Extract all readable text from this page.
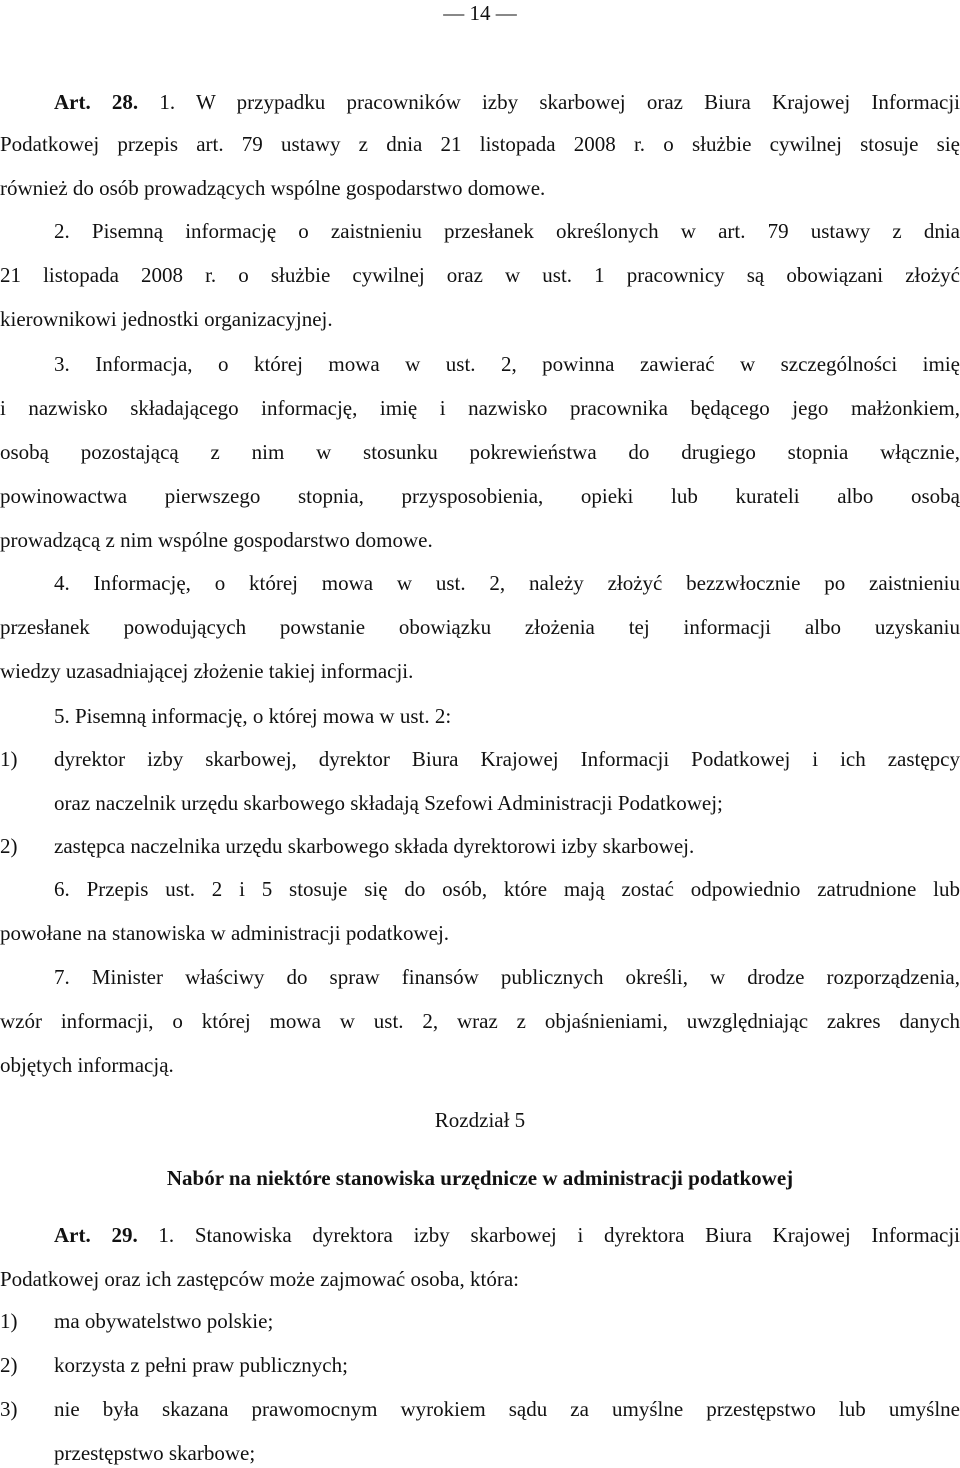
— 14 —
Art. 28. 1. W przypadku pracowników izby skarbowej oraz Biura Krajowej Informacji
Podatkowej przepis art. 79 ustawy z dnia 21 listopada 2008 r. o służbie cywilnej stosuje się
również do osób prowadzących wspólne gospodarstwo domowe.
2. Pisemną informację o zaistnieniu przesłanek określonych w art. 79 ustawy z dnia
21 listopada 2008 r. o służbie cywilnej oraz w ust. 1 pracownicy są obowiązani złożyć
kierownikowi jednostki organizacyjnej.
3. Informacja, o której mowa w ust. 2, powinna zawierać w szczególności imię
i nazwisko składającego informację, imię i nazwisko pracownika będącego jego małżonkiem,
osobą pozostającą z nim w stosunku pokrewieństwa do drugiego stopnia włącznie,
powinowactwa pierwszego stopnia, przysposobienia, opieki lub kurateli albo osobą
prowadzącą z nim wspólne gospodarstwo domowe.
4. Informację, o której mowa w ust. 2, należy złożyć bezzwłocznie po zaistnieniu
przesłanek powodujących powstanie obowiązku złożenia tej informacji albo uzyskaniu
wiedzy uzasadniającej złożenie takiej informacji.
5. Pisemną informację, o której mowa w ust. 2:
1) dyrektor izby skarbowej, dyrektor Biura Krajowej Informacji Podatkowej i ich zastępcy
oraz naczelnik urzędu skarbowego składają Szefowi Administracji Podatkowej;
2) zastępca naczelnika urzędu skarbowego składa dyrektorowi izby skarbowej.
6. Przepis ust. 2 i 5 stosuje się do osób, które mają zostać odpowiednio zatrudnione lub
powołane na stanowiska w administracji podatkowej.
7. Minister właściwy do spraw finansów publicznych określi, w drodze rozporządzenia,
wzór informacji, o której mowa w ust. 2, wraz z objaśnieniami, uwzględniając zakres danych
objętych informacją.
Rozdział 5
Nabór na niektóre stanowiska urzędnicze w administracji podatkowej
Art. 29. 1. Stanowiska dyrektora izby skarbowej i dyrektora Biura Krajowej Informacji
Podatkowej oraz ich zastępców może zajmować osoba, która:
1) ma obywatelstwo polskie;
2) korzysta z pełni praw publicznych;
3) nie była skazana prawomocnym wyrokiem sądu za umyślne przestępstwo lub umyślne
przestępstwo skarbowe;
